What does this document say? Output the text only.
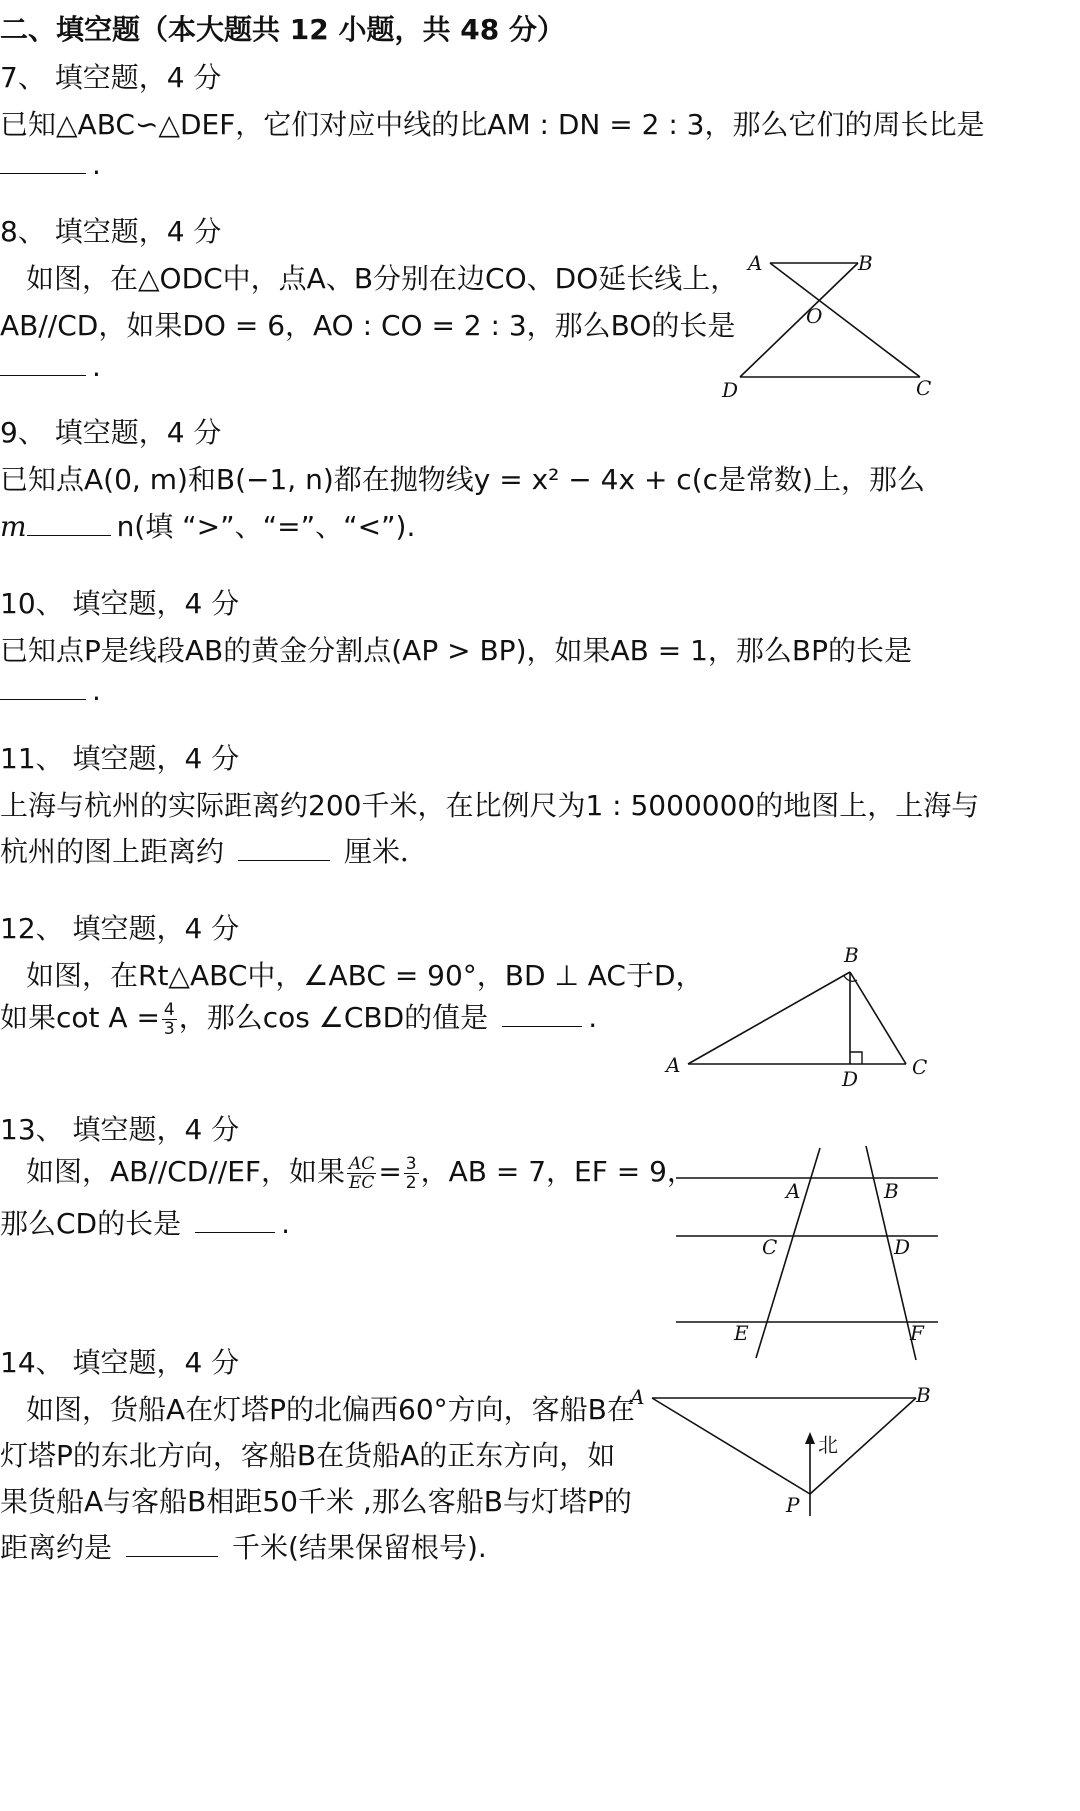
二、填空题（本大题共 12 小题，共 48 分）
7、 填空题，4 分
已知△ABC∽△DEF，它们对应中线的比AM : DN = 2 : 3，那么它们的周长比是
.
8、 填空题，4 分
如图，在△ODC中，点A、B分别在边CO、DO延长线上，
AB//CD，如果DO = 6，AO : CO = 2 : 3，那么BO的长是
.
A	B
O
D	C
9、 填空题，4 分
已知点A(0, m)和B(−1, n)都在抛物线y = x² − 4x + c(c是常数)上，那么
m	n(填 “>”、“=”、“<”).
10、 填空题，4 分
已知点P是线段AB的黄金分割点(AP > BP)，如果AB = 1，那么BP的长是
.
11、 填空题，4 分
上海与杭州的实际距离约200千米，在比例尺为1 : 5000000的地图上，上海与
杭州的图上距离约	厘米．
12、 填空题，4 分
如图，在Rt△ABC中，∠ABC = 90°，BD ⊥ AC于D，
如果$\cot A = \frac{4}{3}$ ，那么cos ∠CBD的值是	.
B
A
D	C
13、 填空题，4 分
如图，AB//CD//EF，如果 $\frac{AC}{EC} = \frac{3}{2}$ ，AB = 7，EF = 9，
那么CD的长是	.
A	B
C	D
E	F
14、 填空题，4 分
如图，货船A在灯塔P的北偏西60°方向，客船B在
灯塔P的东北方向，客船B在货船A的正东方向，如
果货船A与客船B相距50千米 ,那么客船B与灯塔P的
距离约是	千米(结果保留根号).
A	B
北
P
